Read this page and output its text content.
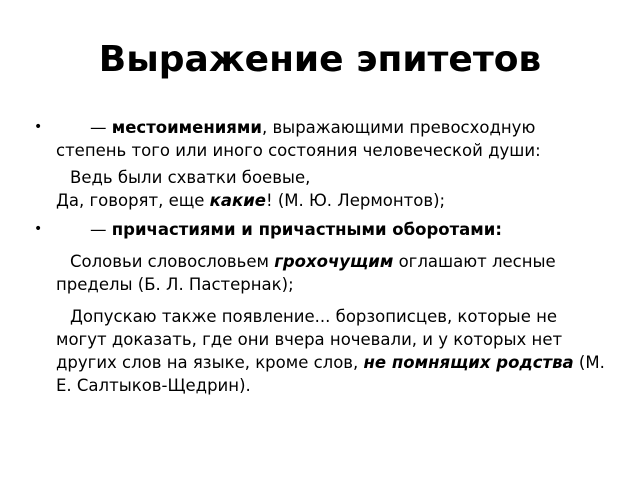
Выражение эпитетов
•	— местоимениями, выражающими превосходную степень того или иного состояния человеческой души:

Ведь были схватки боевые,

Да, говорят, еще какие! (М. Ю. Лермонтов);

•	— причастиями и причастными оборотами:

Соловьи словословьем грохочущим оглашают лесные пределы (Б. Л. Пастернак);

Допускаю также появление... борзописцев, которые не могут доказать, где они вчера ночевали, и у которых нет других слов на языке, кроме слов, не помнящих родства (М. Е. Салтыков-Щедрин).
